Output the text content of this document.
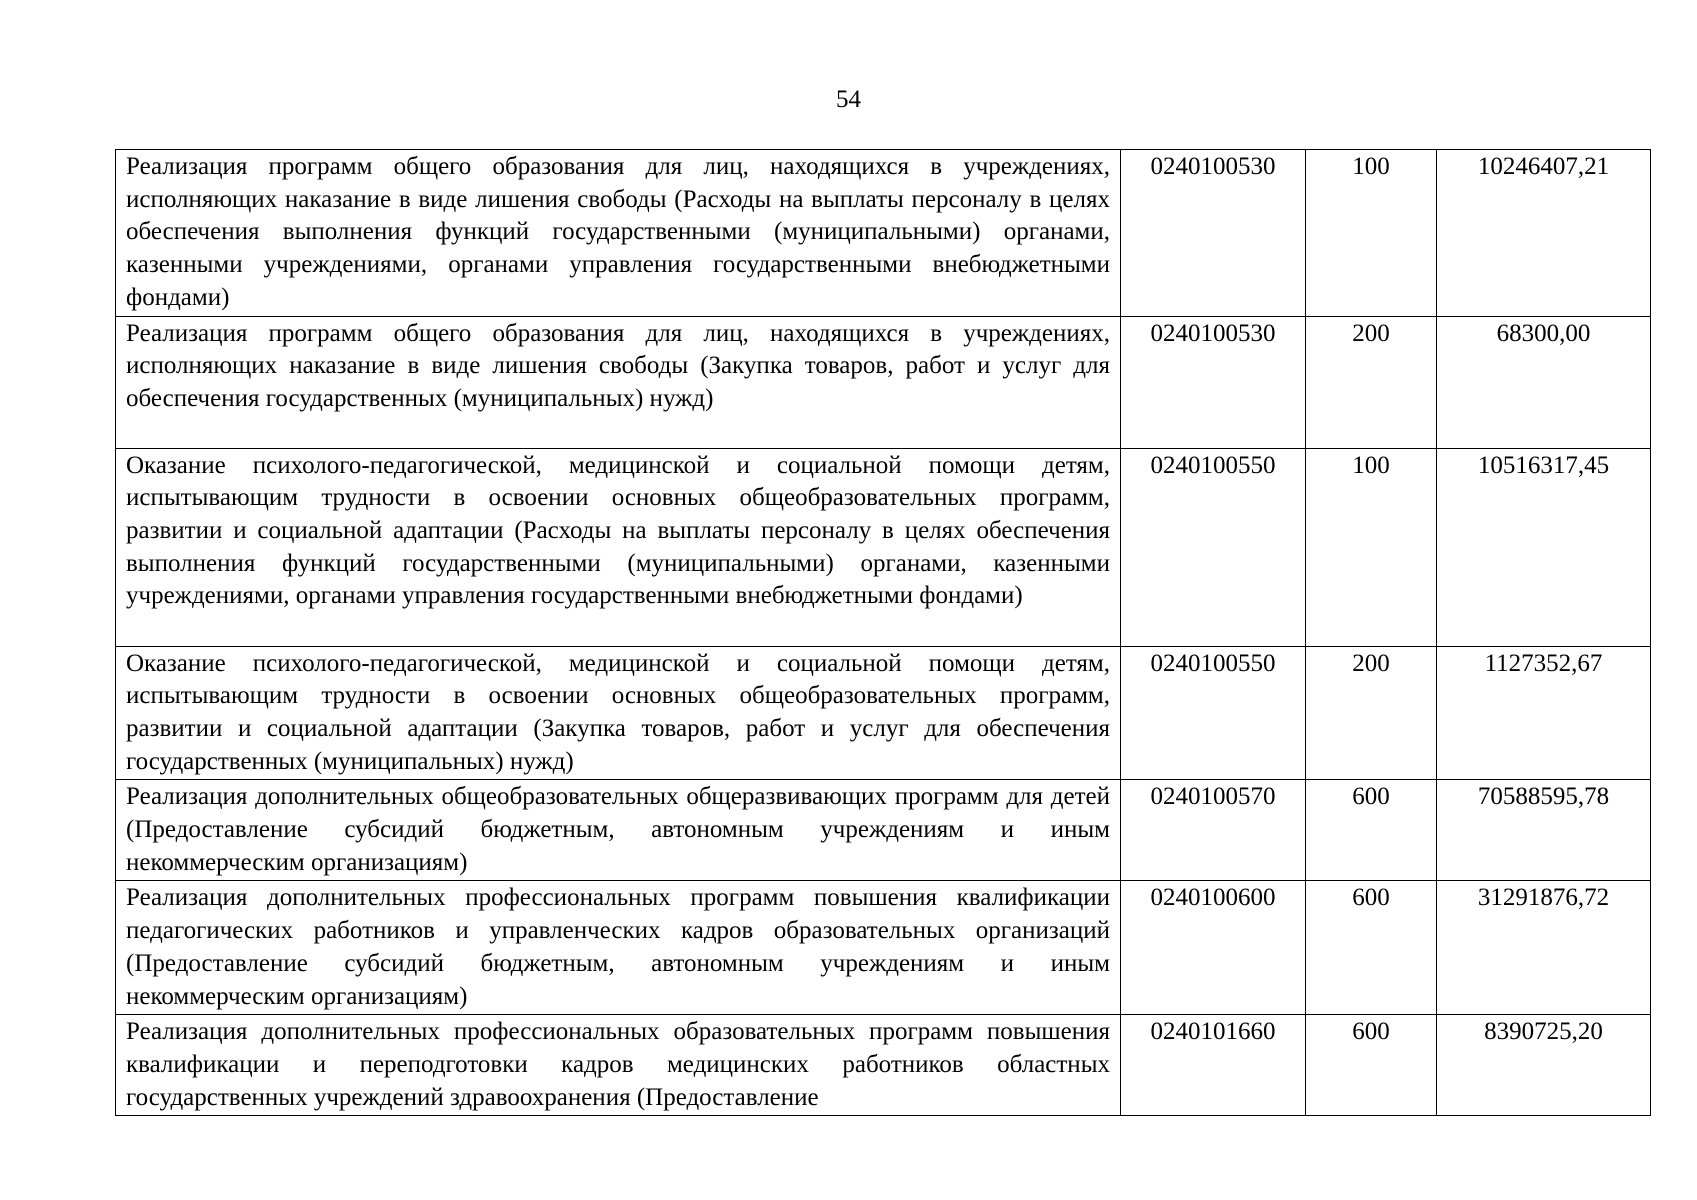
54
Реализация программ общего образования для лиц, находящихся в учреждениях, исполняющих наказание в виде лишения свободы (Расходы на выплаты персоналу в целях обеспечения выполнения функций государственными (муниципальными) органами, казенными учреждениями, органами управления государственными внебюджетными фондами)	0240100530	100	10246407,21
Реализация программ общего образования для лиц, находящихся в учреждениях, исполняющих наказание в виде лишения свободы (Закупка товаров, работ и услуг для обеспечения государственных (муниципальных) нужд)	0240100530	200	68300,00
Оказание психолого-педагогической, медицинской и социальной помощи детям, испытывающим трудности в освоении основных общеобразовательных программ, развитии и социальной адаптации (Расходы на выплаты персоналу в целях обеспечения выполнения функций государственными (муниципальными) органами, казенными учреждениями, органами управления государственными внебюджетными фондами)	0240100550	100	10516317,45
Оказание психолого-педагогической, медицинской и социальной помощи детям, испытывающим трудности в освоении основных общеобразовательных программ, развитии и социальной адаптации (Закупка товаров, работ и услуг для обеспечения государственных (муниципальных) нужд)	0240100550	200	1127352,67
Реализация дополнительных общеобразовательных общеразвивающих программ для детей (Предоставление субсидий бюджетным, автономным учреждениям и иным некоммерческим организациям)	0240100570	600	70588595,78
Реализация дополнительных профессиональных программ повышения квалификации педагогических работников и управленческих кадров образовательных организаций (Предоставление субсидий бюджетным, автономным учреждениям и иным некоммерческим организациям)	0240100600	600	31291876,72
Реализация дополнительных профессиональных образовательных программ повышения квалификации и переподготовки кадров медицинских работников областных государственных учреждений здравоохранения (Предоставление	0240101660	600	8390725,20
